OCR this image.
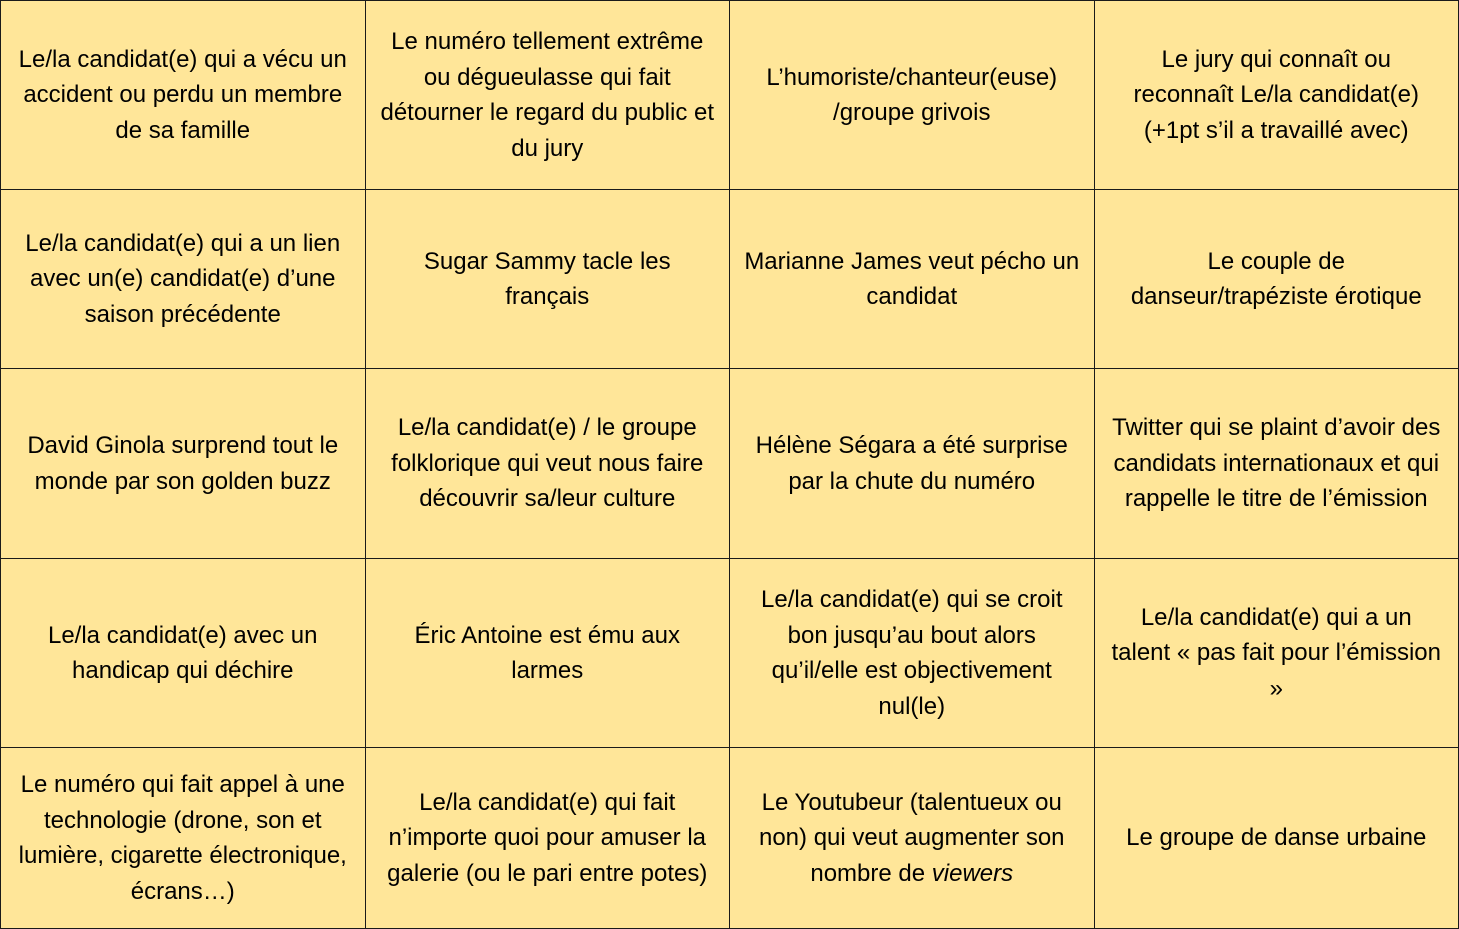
Le/la candidat(e) qui a vécu un accident ou perdu un membre de sa famille	Le numéro tellement extrême ou dégueulasse qui fait détourner le regard du public et du jury	L’humoriste/chanteur(euse) /groupe grivois	Le jury qui connaît ou reconnaît Le/la candidat(e) (+1pt s’il a travaillé avec)
Le/la candidat(e) qui a un lien avec un(e) candidat(e) d’une saison précédente	Sugar Sammy tacle les français	Marianne James veut pécho un candidat	Le couple de danseur/trapéziste érotique
David Ginola surprend tout le monde par son golden buzz	Le/la candidat(e) / le groupe folklorique qui veut nous faire découvrir sa/leur culture	Hélène Ségara a été surprise par la chute du numéro	Twitter qui se plaint d’avoir des candidats internationaux et qui rappelle le titre de l’émission
Le/la candidat(e) avec un handicap qui déchire	Éric Antoine est ému aux larmes	Le/la candidat(e) qui se croit bon jusqu’au bout alors qu’il/elle est objectivement nul(le)	Le/la candidat(e) qui a un talent « pas fait pour l’émission »
Le numéro qui fait appel à une technologie (drone, son et lumière, cigarette électronique, écrans…)	Le/la candidat(e) qui fait n’importe quoi pour amuser la galerie (ou le pari entre potes)	Le Youtubeur (talentueux ou non) qui veut augmenter son nombre de viewers	Le groupe de danse urbaine
